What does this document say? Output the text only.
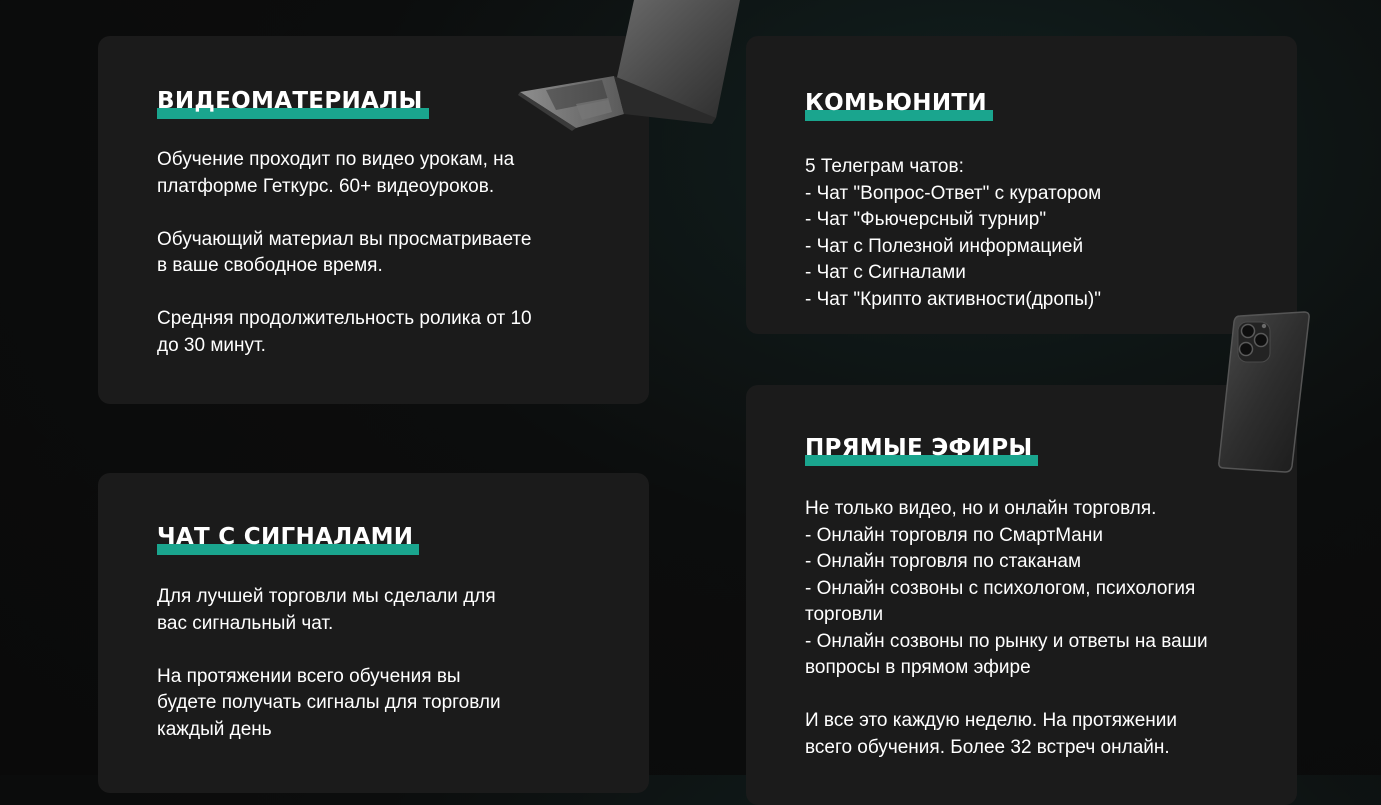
ВИДЕОМАТЕРИАЛЫ

Обучение проходит по видео урокам, на
платформе Геткурс. 60+ видеоуроков.

Обучающий материал вы просматриваете
в ваше свободное время.

Средняя продолжительность ролика от 10
до 30 минут.

КОМЬЮНИТИ

5 Телеграм чатов:
- Чат "Вопрос-Ответ" с куратором
- Чат "Фьючерсный турнир"
- Чат с Полезной информацией
- Чат с Сигналами
- Чат "Крипто активности(дропы)"

ЧАТ С СИГНАЛАМИ

Для лучшей торговли мы сделали для
вас сигнальный чат.

На протяжении всего обучения вы
будете получать сигналы для торговли
каждый день

ПРЯМЫЕ ЭФИРЫ

Не только видео, но и онлайн торговля.
- Онлайн торговля по СмартМани
- Онлайн торговля по стаканам
- Онлайн созвоны с психологом, психология
торговли
- Онлайн созвоны по рынку и ответы на ваши
вопросы в прямом эфире

И все это каждую неделю. На протяжении
всего обучения. Более 32 встреч онлайн.
